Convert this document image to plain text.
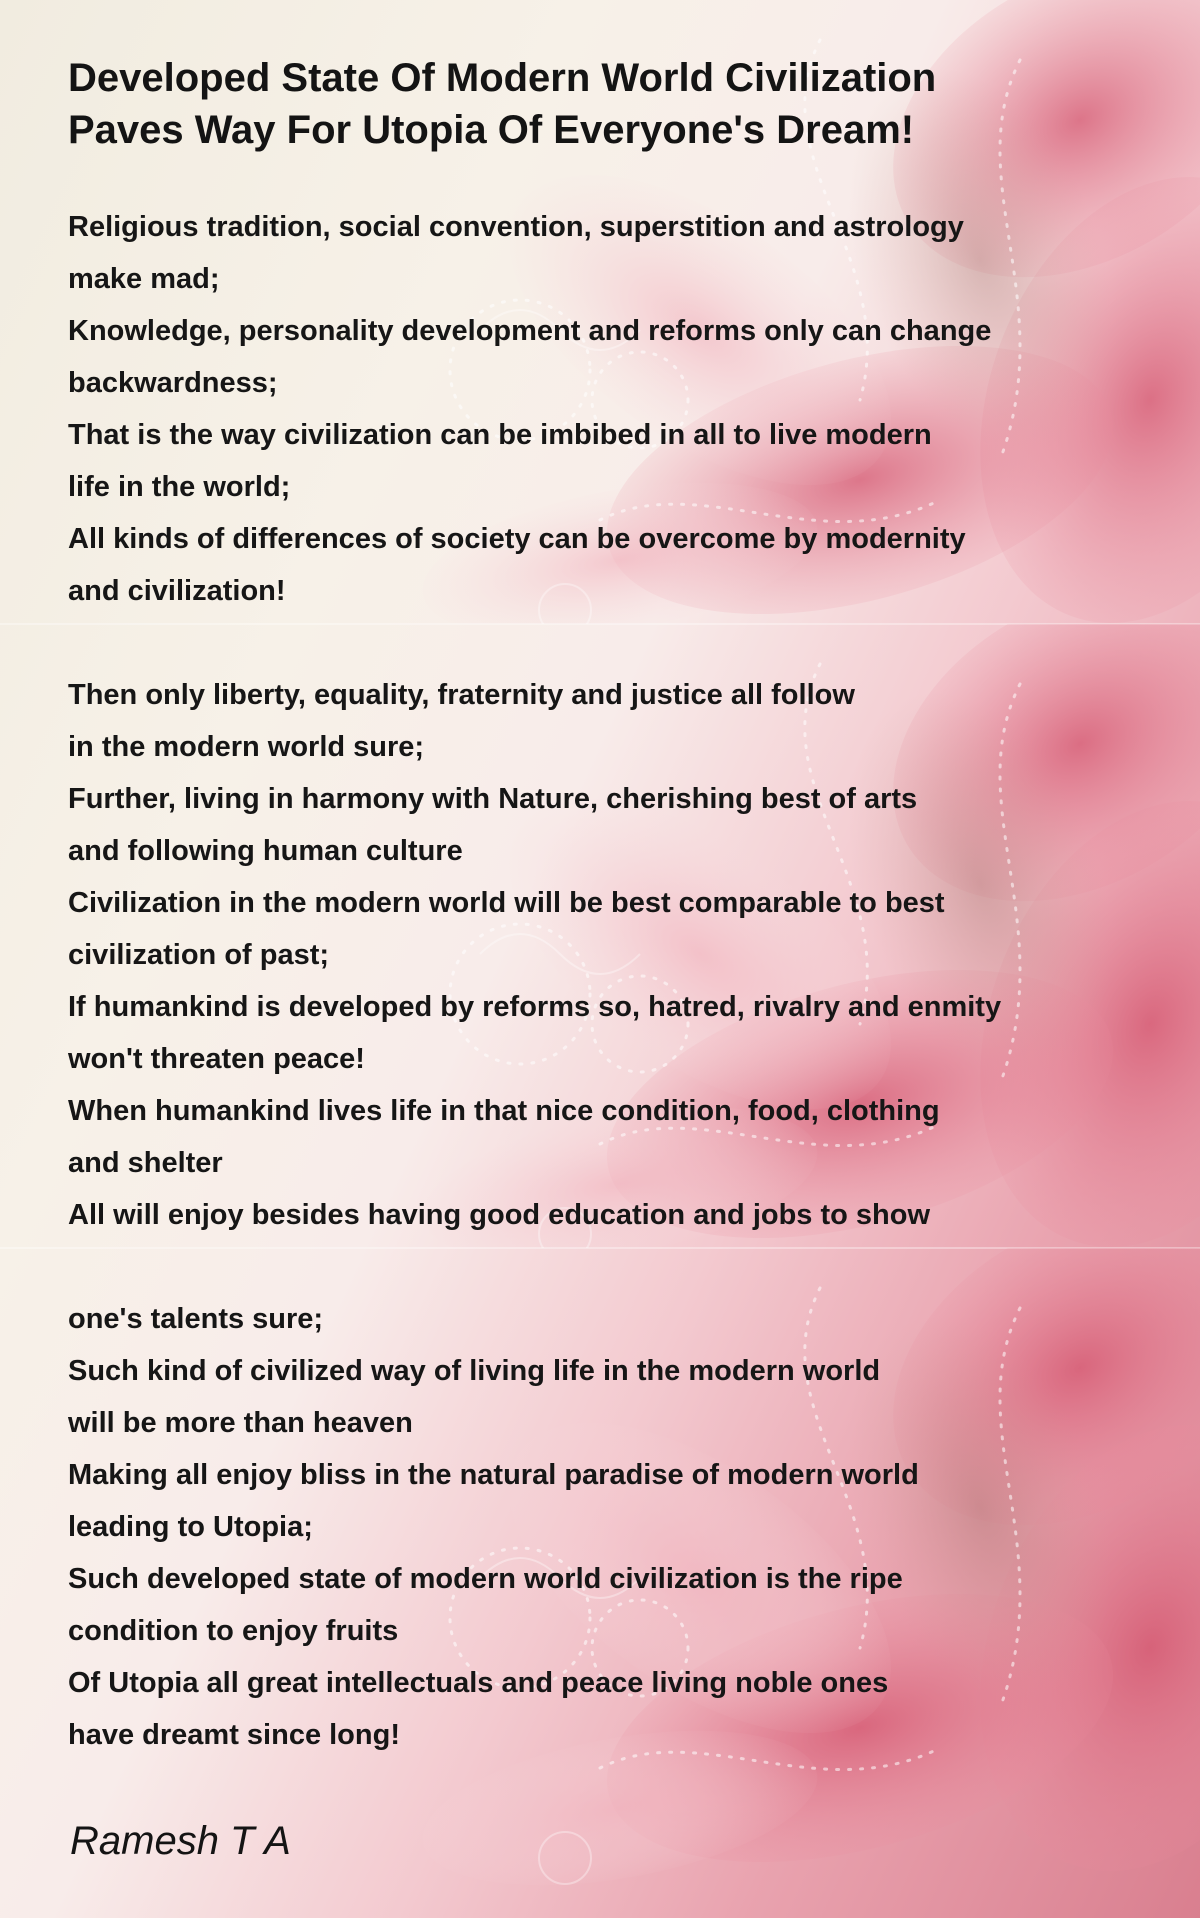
Developed State Of Modern World Civilization
Paves Way For Utopia Of Everyone's Dream!
Religious tradition, social convention, superstition and astrology
make mad;
Knowledge, personality development and reforms only can change
backwardness;
That is the way civilization can be imbibed in all to live modern
life in the world;
All kinds of differences of society can be overcome by modernity
and civilization!
Then only liberty, equality, fraternity and justice all follow
in the modern world sure;
Further, living in harmony with Nature, cherishing best of arts
and following human culture
Civilization in the modern world will be best comparable to best
civilization of past;
If humankind is developed by reforms so, hatred, rivalry and enmity
won't threaten peace!
When humankind lives life in that nice condition, food, clothing
and shelter
All will enjoy besides having good education and jobs to show
one's talents sure;
Such kind of civilized way of living life in the modern world
will be more than heaven
Making all enjoy bliss in the natural paradise of modern world
leading to Utopia;
Such developed state of modern world civilization is the ripe
condition to enjoy fruits
Of Utopia all great intellectuals and peace living noble ones
have dreamt since long!
Ramesh T A
